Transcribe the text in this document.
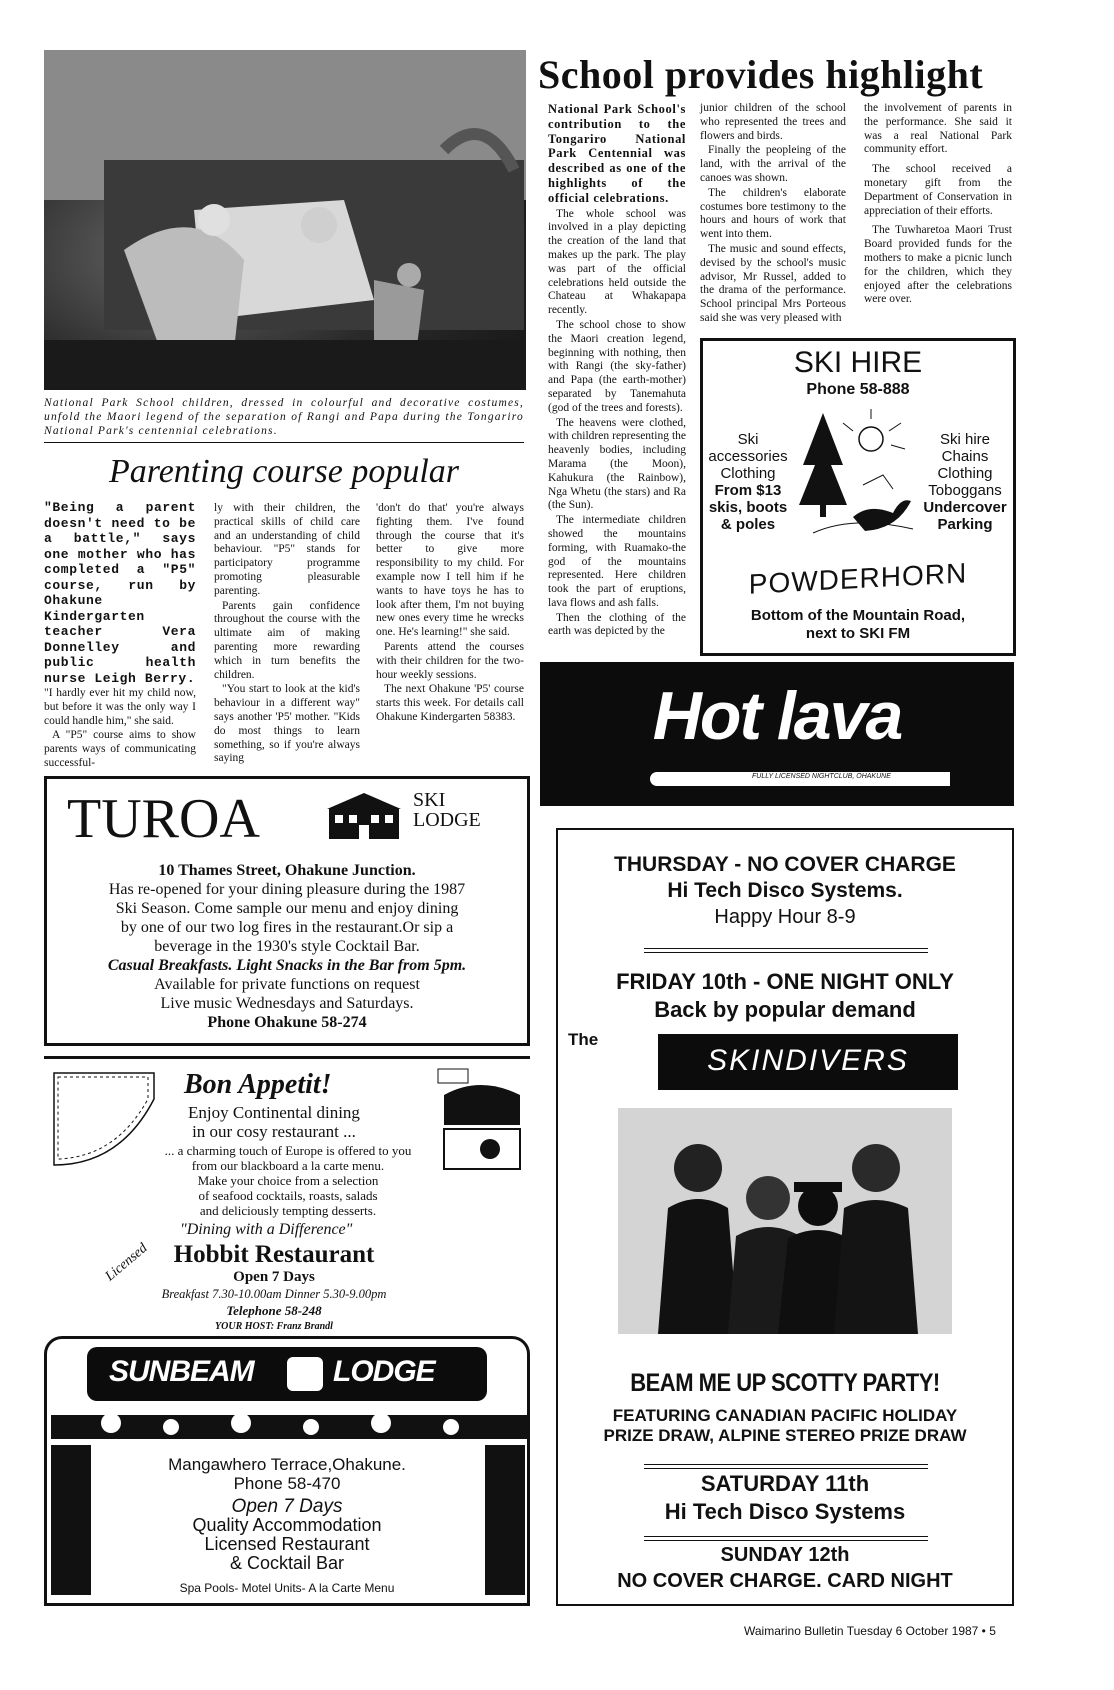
National Park School children, dressed in colourful and decorative costumes, unfold the Maori legend of the separation of Rangi and Papa during the Tongariro National Park's centennial celebrations.
School provides highlight
National Park School's contribution to the Tongariro National Park Centennial was described as one of the highlights of the official celebrations.

The whole school was involved in a play depicting the creation of the land that makes up the park. The play was part of the official celebrations held outside the Chateau at Whakapapa recently.

The school chose to show the Maori creation legend, beginning with nothing, then with Rangi (the sky-father) and Papa (the earth-mother) separated by Tanemahuta (god of the trees and forests).

The heavens were clothed, with children representing the heavenly bodies, including Marama (the Moon), Kahukura (the Rainbow), Nga Whetu (the stars) and Ra (the Sun).

The intermediate children showed the mountains forming, with Ruamako-the god of the mountains represented. Here children took the part of eruptions, lava flows and ash falls.

Then the clothing of the earth was depicted by the

junior children of the school who represented the trees and flowers and birds.

Finally the peopleing of the land, with the arrival of the canoes was shown.

The children's elaborate costumes bore testimony to the hours and hours of work that went into them.

The music and sound effects, devised by the school's music advisor, Mr Russel, added to the drama of the performance. School principal Mrs Porteous said she was very pleased with

the involvement of parents in the performance. She said it was a real National Park community effort.

The school received a monetary gift from the Department of Conservation in appreciation of their efforts.

The Tuwharetoa Maori Trust Board provided funds for the mothers to make a picnic lunch for the children, which they enjoyed after the celebrations were over.

Parenting course popular
"Being a parent doesn't need to be a battle," says one mother who has completed a "P5" course, run by Ohakune Kindergarten teacher Vera Donnelley and public health nurse Leigh Berry.

"I hardly ever hit my child now, but before it was the only way I could handle him," she said.

A "P5" course aims to show parents ways of communicating successful-

ly with their children, the practical skills of child care and an understanding of child behaviour. "P5" stands for participatory programme promoting pleasurable parenting.

Parents gain confidence throughout the course with the ultimate aim of making parenting more rewarding which in turn benefits the children.

"You start to look at the kid's behaviour in a different way" says another 'P5' mother. "Kids do most things to learn something, so if you're always saying

'don't do that' you're always fighting them. I've found through the course that it's better to give more responsibility to my child. For example now I tell him if he wants to have toys he has to look after them, I'm not buying new ones every time he wrecks one. He's learning!" she said.

Parents attend the courses with their children for the two-hour weekly sessions.

The next Ohakune 'P5' course starts this week. For details call Ohakune Kindergarten 58383.

SKI HIRE
Phone 58-888
Ski
accessories
Clothing
From $13
skis, boots
& poles
Ski hire
Chains
Clothing
Toboggans
Undercover
Parking
POWDERHORN
Bottom of the Mountain Road,
next to SKI FM
Hot lava
FULLY LICENSED NIGHTCLUB, OHAKUNE
TUROA	SKI
LODGE
10 Thames Street, Ohakune Junction.
Has re-opened for your dining pleasure during the 1987
Ski Season. Come sample our menu and enjoy dining
by one of our two log fires in the restaurant.Or sip a
beverage in the 1930's style Cocktail Bar.
Casual Breakfasts. Light Snacks in the Bar from 5pm.
Available for private functions on request
Live music Wednesdays and Saturdays.
Phone Ohakune 58-274
Bon Appetit!
Enjoy Continental dining
in our cosy restaurant ...
... a charming touch of Europe is offered to you
from our blackboard a la carte menu.
Make your choice from a selection
of seafood cocktails, roasts, salads
and deliciously tempting desserts.
"Dining with a Difference"
Licensed Hobbit Restaurant
Open 7 Days
Breakfast 7.30-10.00am Dinner 5.30-9.00pm
Telephone 58-248
YOUR HOST: Franz Brandl
SUNBEAM	LODGE
Mangawhero Terrace,Ohakune.
Phone 58-470
Open 7 Days
Quality Accommodation
Licensed Restaurant
& Cocktail Bar
Spa Pools- Motel Units- A la Carte Menu
THURSDAY - NO COVER CHARGE
Hi Tech Disco Systems.
Happy Hour 8-9
FRIDAY 10th - ONE NIGHT ONLY
Back by popular demand
The
SKINDIVERS
BEAM ME UP SCOTTY PARTY!
FEATURING CANADIAN PACIFIC HOLIDAY
PRIZE DRAW, ALPINE STEREO PRIZE DRAW
SATURDAY 11th
Hi Tech Disco Systems
SUNDAY 12th
NO COVER CHARGE. CARD NIGHT
Waimarino Bulletin Tuesday 6 October 1987 • 5
